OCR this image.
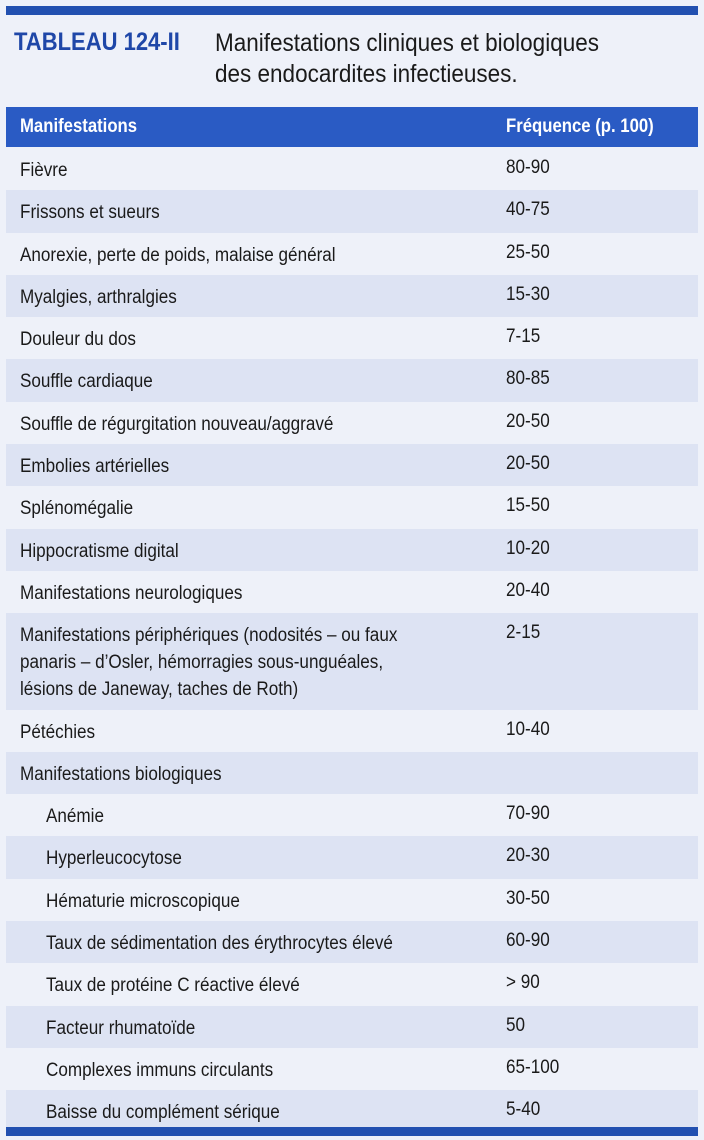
TABLEAU 124-II	Manifestations cliniques et biologiques
des endocardites infectieuses.
Manifestations	Fréquence (p. 100)
Fièvre	80-90
Frissons et sueurs	40-75
Anorexie, perte de poids, malaise général	25-50
Myalgies, arthralgies	15-30
Douleur du dos	7-15
Souffle cardiaque	80-85
Souffle de régurgitation nouveau/aggravé	20-50
Embolies artérielles	20-50
Splénomégalie	15-50
Hippocratisme digital	10-20
Manifestations neurologiques	20-40
Manifestations périphériques (nodosités – ou faux
panaris – d’Osler, hémorragies sous-unguéales,
lésions de Janeway, taches de Roth)
2-15
Pétéchies	10-40
Manifestations biologiques
Anémie	70-90
Hyperleucocytose	20-30
Hématurie microscopique	30-50
Taux de sédimentation des érythrocytes élevé	60-90
Taux de protéine C réactive élevé	> 90
Facteur rhumatoïde	50
Complexes immuns circulants	65-100
Baisse du complément sérique	5-40
